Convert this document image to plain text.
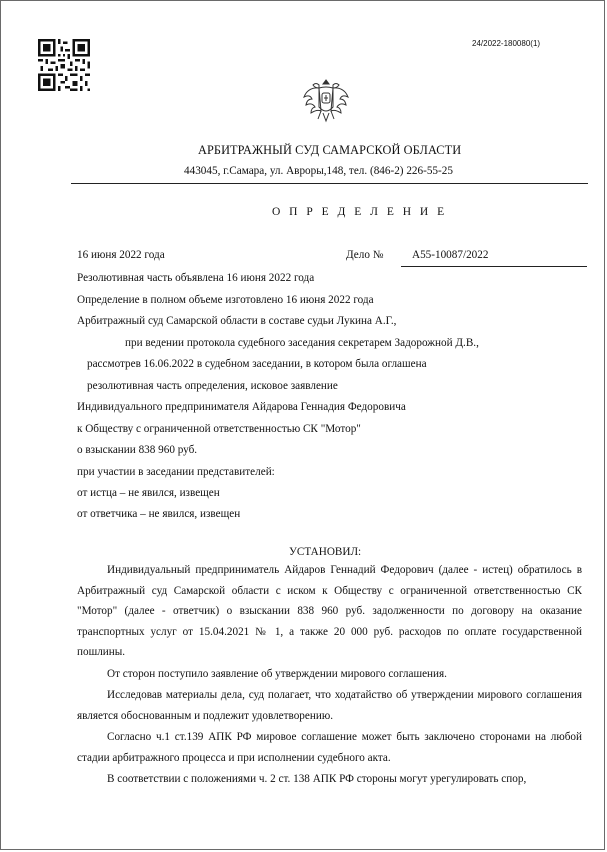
24/2022-180080(1)
АРБИТРАЖНЫЙ СУД САМАРСКОЙ ОБЛАСТИ
443045, г.Самара, ул. Авроры,148, тел. (846-2) 226-55-25
О П Р Е Д Е Л Е Н И Е
16 июня 2022 года	Дело №	А55-10087/2022
Резолютивная часть объявлена 16 июня 2022 года
Определение в полном объеме изготовлено 16 июня 2022 года
Арбитражный суд Самарской области в составе судьи Лукина А.Г.,
при ведении протокола судебного заседания секретарем Задорожной Д.В.,
рассмотрев 16.06.2022 в судебном заседании, в котором была оглашена
резолютивная часть определения, исковое заявление
Индивидуального предпринимателя Айдарова Геннадия Федоровича
к Обществу с ограниченной ответственностью СК "Мотор"
о взыскании 838 960 руб.
при участии в заседании представителей:
от истца – не явился, извещен
от ответчика – не явился, извещен
УСТАНОВИЛ:
Индивидуальный предприниматель Айдаров Геннадий Федорович (далее - истец) обратилось в Арбитражный суд Самарской области с иском к Обществу с ограниченной ответственностью СК "Мотор" (далее - ответчик) о взыскании 838 960 руб. задолженности по договору на оказание транспортных услуг от 15.04.2021 № 1, а также 20 000 руб. расходов по оплате государственной пошлины.
От сторон поступило заявление об утверждении мирового соглашения.
Исследовав материалы дела, суд полагает, что ходатайство об утверждении мирового соглашения является обоснованным и подлежит удовлетворению.
Согласно ч.1 ст.139 АПК РФ мировое соглашение может быть заключено сторонами на любой стадии арбитражного процесса и при исполнении судебного акта.
В соответствии с положениями ч. 2 ст. 138 АПК РФ стороны могут урегулировать спор,
